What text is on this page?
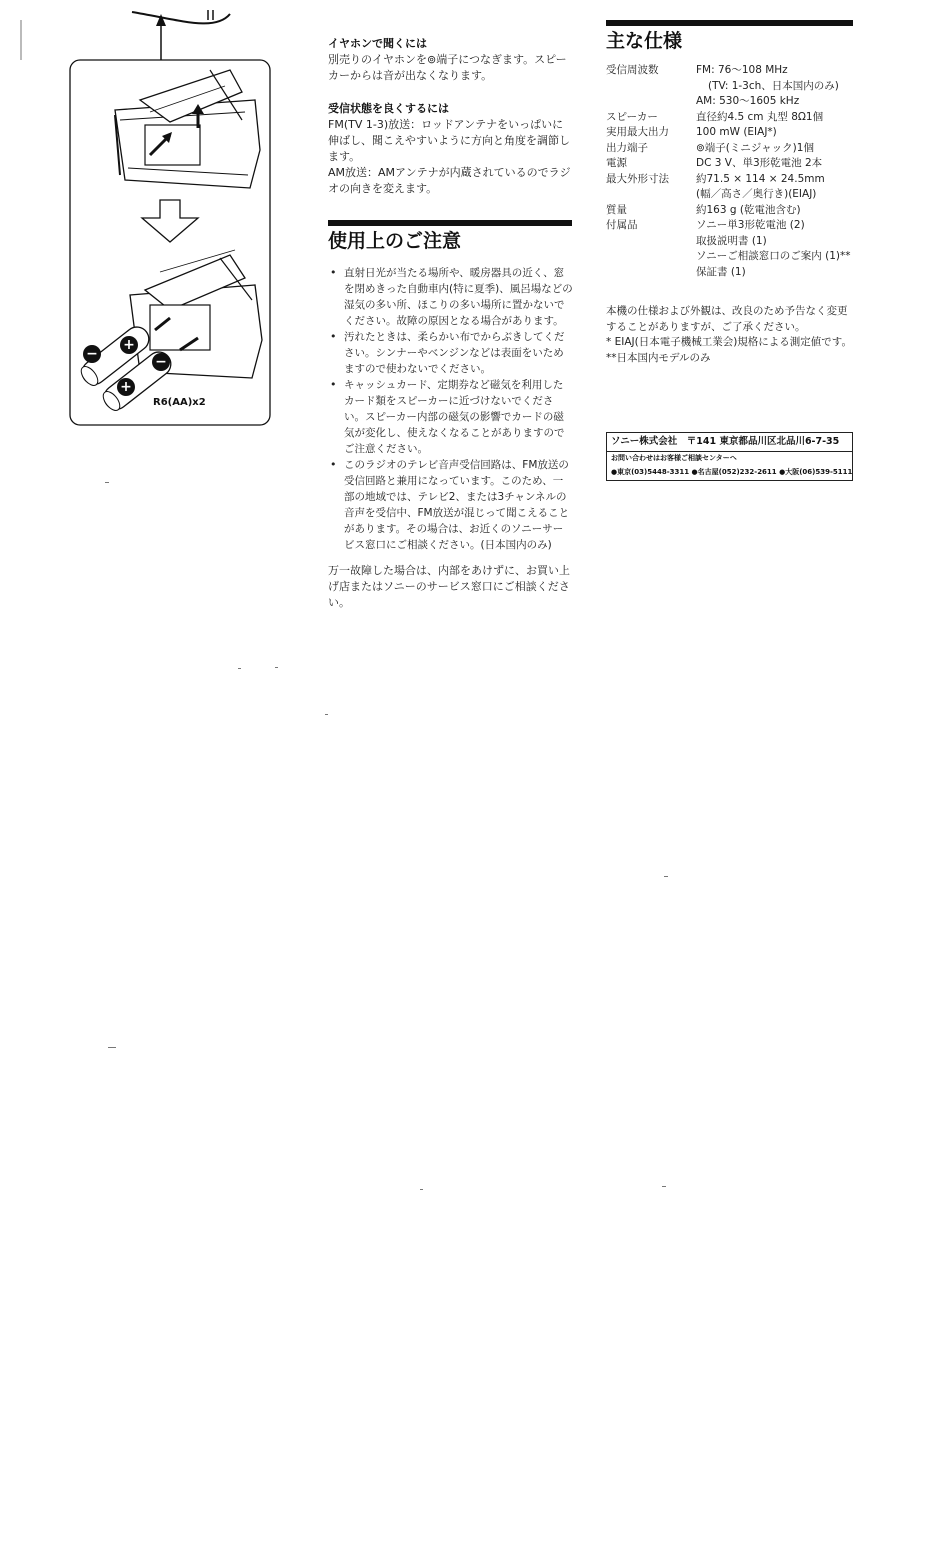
+
−	−
+
R6(AA)x2
イヤホンで聞くには

別売りのイヤホンを⊚端子につなぎます。スピーカーからは音が出なくなります。

受信状態を良くするには

FM(TV 1-3)放送：ロッドアンテナをいっぱいに伸ばし、聞こえやすいように方向と角度を調節します。

AM放送：AMアンテナが内蔵されているのでラジオの向きを変えます。

使用上のご注意
• 直射日光が当たる場所や、暖房器具の近く、窓を閉めきった自動車内(特に夏季)、風呂場などの湿気の多い所、ほこりの多い場所に置かないでください。故障の原因となる場合があります。
• 汚れたときは、柔らかい布でからぶきしてください。シンナーやベンジンなどは表面をいためますので使わないでください。
• キャッシュカード、定期券など磁気を利用したカード類をスピーカーに近づけないでください。スピーカー内部の磁気の影響でカードの磁気が変化し、使えなくなることがありますのでご注意ください。
• このラジオのテレビ音声受信回路は、FM放送の受信回路と兼用になっています。このため、一部の地域では、テレビ2、または3チャンネルの音声を受信中、FM放送が混じって聞こえることがあります。その場合は、お近くのソニーサービス窓口にご相談ください。(日本国内のみ)

万一故障した場合は、内部をあけずに、お買い上げ店またはソニーのサービス窓口にご相談ください。

主な仕様
受信周波数	FM: 76〜108 MHz
(TV: 1-3ch、日本国内のみ)
AM: 530〜1605 kHz
スピーカー	直径約4.5 cm 丸型 8Ω1個
実用最大出力	100 mW (EIAJ*)
出力端子	⊚端子(ミニジャック)1個
電源	DC 3 V、単3形乾電池 2本
最大外形寸法	約71.5 × 114 × 24.5mm
(幅／高さ／奥行き)(EIAJ)
質量	約163 g (乾電池含む)
付属品	ソニー単3形乾電池 (2)
取扱説明書 (1)
ソニーご相談窓口のご案内 (1)**
保証書 (1)

本機の仕様および外観は、改良のため予告なく変更することがありますが、ご了承ください。

* EIAJ(日本電子機械工業会)規格による測定値です。

**日本国内モデルのみ

ソニー株式会社　〒141 東京都品川区北品川6-7-35
お問い合わせはお客様ご相談センターへ
●東京(03)5448-3311 ●名古屋(052)232-2611 ●大阪(06)539-5111
